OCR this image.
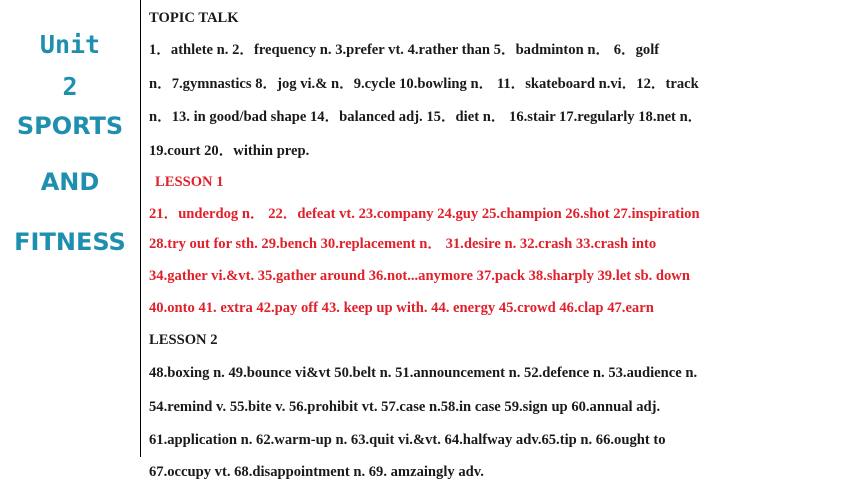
Unit
2
SPORTS
AND
FITNESS
TOPIC TALK
1．athlete n. 2．frequency n. 3.prefer vt. 4.rather than 5．badminton n． 6．golf
n．7.gymnastics 8．jog vi.& n．9.cycle 10.bowling n． 11．skateboard n.vi．12．track
n．13. in good/bad shape 14．balanced adj. 15．diet n． 16.stair 17.regularly 18.net n．
19.court 20．within prep.
LESSON 1
21．underdog n． 22．defeat vt. 23.company 24.guy 25.champion 26.shot 27.inspiration
28.try out for sth. 29.bench 30.replacement n． 31.desire n. 32.crash 33.crash into
34.gather vi.&vt. 35.gather around 36.not...anymore 37.pack 38.sharply 39.let sb. down
40.onto 41. extra 42.pay off 43. keep up with. 44. energy 45.crowd 46.clap 47.earn
LESSON 2
48.boxing n. 49.bounce vi&vt 50.belt n. 51.announcement n. 52.defence n. 53.audience n.
54.remind v. 55.bite v. 56.prohibit vt. 57.case n.58.in case 59.sign up 60.annual adj.
61.application n. 62.warm-up n. 63.quit vi.&vt. 64.halfway adv.65.tip n. 66.ought to
67.occupy vt. 68.disappointment n. 69. amzaingly adv.
